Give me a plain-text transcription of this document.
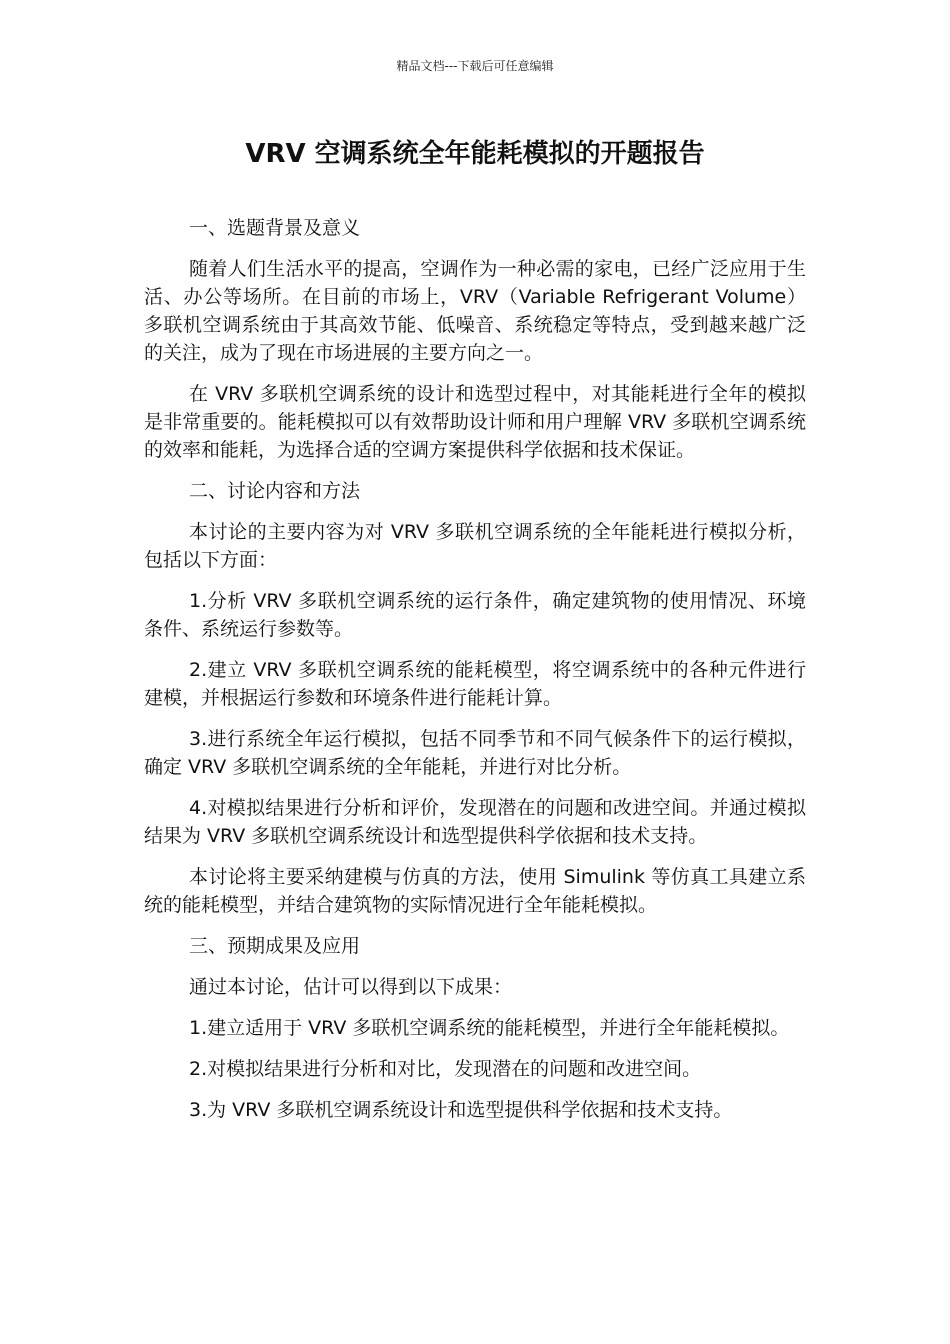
精品文档---下载后可任意编辑
VRV 空调系统全年能耗模拟的开题报告

一、选题背景及意义

随着人们生活水平的提高，空调作为一种必需的家电，已经广泛应用于生活、办公等场所。在目前的市场上，VRV（Variable Refrigerant Volume）多联机空调系统由于其高效节能、低噪音、系统稳定等特点，受到越来越广泛的关注，成为了现在市场进展的主要方向之一。

在 VRV 多联机空调系统的设计和选型过程中，对其能耗进行全年的模拟是非常重要的。能耗模拟可以有效帮助设计师和用户理解 VRV 多联机空调系统的效率和能耗，为选择合适的空调方案提供科学依据和技术保证。

二、讨论内容和方法

本讨论的主要内容为对 VRV 多联机空调系统的全年能耗进行模拟分析，包括以下方面：

1.分析 VRV 多联机空调系统的运行条件，确定建筑物的使用情况、环境条件、系统运行参数等。

2.建立 VRV 多联机空调系统的能耗模型，将空调系统中的各种元件进行建模，并根据运行参数和环境条件进行能耗计算。

3.进行系统全年运行模拟，包括不同季节和不同气候条件下的运行模拟，确定 VRV 多联机空调系统的全年能耗，并进行对比分析。

4.对模拟结果进行分析和评价，发现潜在的问题和改进空间。并通过模拟结果为 VRV 多联机空调系统设计和选型提供科学依据和技术支持。

本讨论将主要采纳建模与仿真的方法，使用 Simulink 等仿真工具建立系统的能耗模型，并结合建筑物的实际情况进行全年能耗模拟。

三、预期成果及应用

通过本讨论，估计可以得到以下成果：

1.建立适用于 VRV 多联机空调系统的能耗模型，并进行全年能耗模拟。

2.对模拟结果进行分析和对比，发现潜在的问题和改进空间。

3.为 VRV 多联机空调系统设计和选型提供科学依据和技术支持。
